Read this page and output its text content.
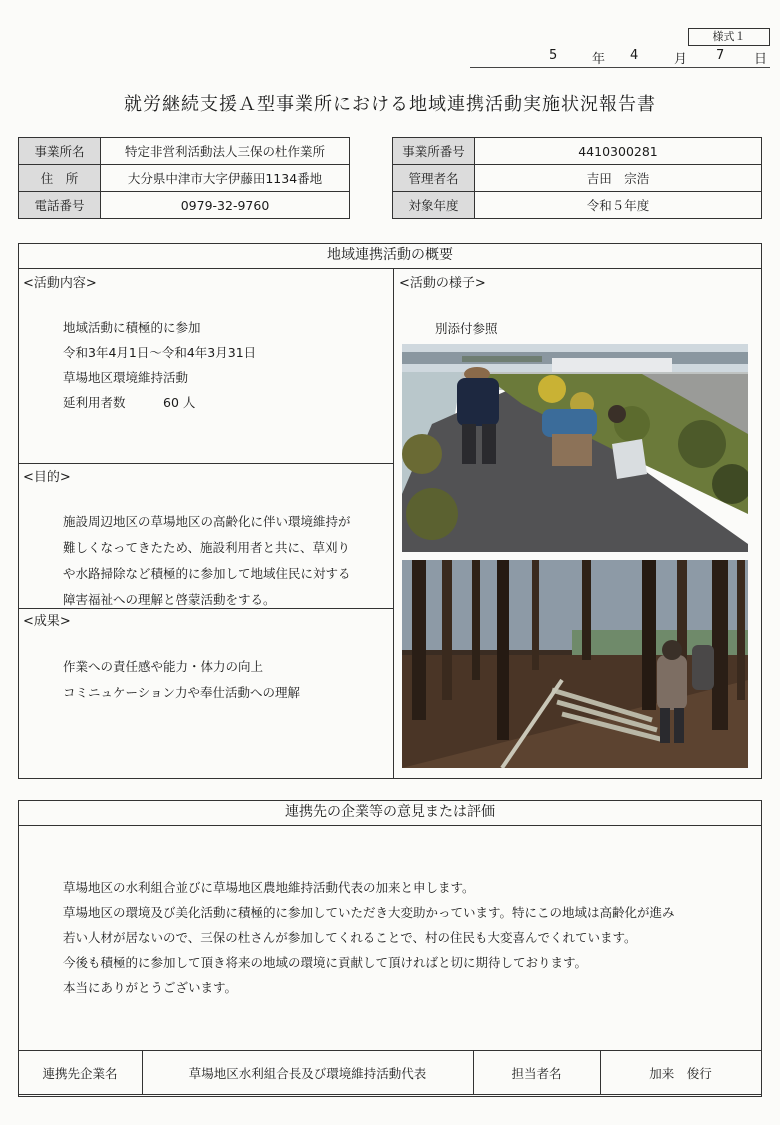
様式１
5	年 4	月 7 日
就労継続支援Ａ型事業所における地域連携活動実施状況報告書
事業所名	特定非営利活動法人三保の杜作業所
住　所	大分県中津市大字伊藤田1134番地
電話番号	0979-32-9760
事業所番号	4410300281
管理者名	吉田　宗浩
対象年度	令和５年度
地域連携活動の概要
<活動内容>
地域活動に積極的に参加
令和3年4月1日～令和4年3月31日
草場地区環境維持活動
延利用者数　　　60 人
<目的>
施設周辺地区の草場地区の高齢化に伴い環境維持が
難しくなってきたため、施設利用者と共に、草刈り
や水路掃除など積極的に参加して地域住民に対する
障害福祉への理解と啓蒙活動をする。
<成果>
作業への責任感や能力・体力の向上
コミニュケーション力や奉仕活動への理解
<活動の様子>
別添付参照
連携先の企業等の意見または評価
草場地区の水利組合並びに草場地区農地維持活動代表の加来と申します。
草場地区の環境及び美化活動に積極的に参加していただき大変助かっています。特にこの地域は高齢化が進み
若い人材が居ないので、三保の杜さんが参加してくれることで、村の住民も大変喜んでくれています。
今後も積極的に参加して頂き将来の地域の環境に貢献して頂ければと切に期待しております。
本当にありがとうございます。
連携先企業名	草場地区水利組合長及び環境維持活動代表	担当者名	加来　俊行
